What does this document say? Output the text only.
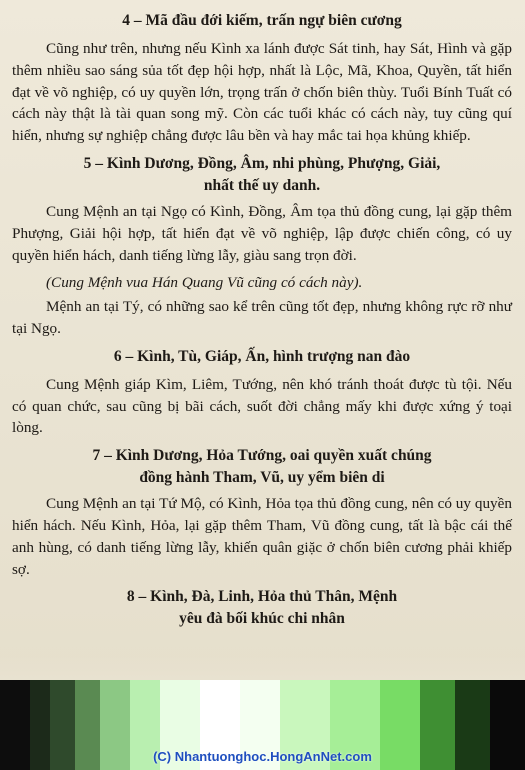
4 – Mã đầu đới kiếm, trấn ngự biên cương

Cũng như trên, nhưng nếu Kình xa lánh được Sát tinh, hay Sát, Hình và gặp thêm nhiều sao sáng sủa tốt đẹp hội hợp, nhất là Lộc, Mã, Khoa, Quyền, tất hiển đạt về võ nghiệp, có uy quyền lớn, trọng trấn ở chốn biên thùy. Tuổi Bính Tuất có cách này thật là tài quan song mỹ. Còn các tuổi khác có cách này, tuy cũng quí hiển, nhưng sự nghiệp chẳng được lâu bền và hay mắc tai họa khủng khiếp.

5 – Kình Dương, Đồng, Âm, nhi phùng, Phượng, Giải,
nhất thế uy danh.

Cung Mệnh an tại Ngọ có Kình, Đồng, Âm tọa thủ đồng cung, lại gặp thêm Phượng, Giải hội hợp, tất hiển đạt về võ nghiệp, lập được chiến công, có uy quyền hiển hách, danh tiếng lừng lẫy, giàu sang trọn đời.

(Cung Mệnh vua Hán Quang Vũ cũng có cách này).

Mệnh an tại Tý, có những sao kể trên cũng tốt đẹp, nhưng không rực rỡ như tại Ngọ.

6 – Kình, Tù, Giáp, Ấn, hình trượng nan đào

Cung Mệnh giáp Kìm, Liêm, Tướng, nên khó tránh thoát được tù tội. Nếu có quan chức, sau cũng bị bãi cách, suốt đời chẳng mấy khi được xứng ý toại lòng.

7 – Kình Dương, Hỏa Tướng, oai quyền xuất chúng
đồng hành Tham, Vũ, uy yểm biên di

Cung Mệnh an tại Tứ Mộ, có Kình, Hỏa tọa thủ đồng cung, nên có uy quyền hiển hách. Nếu Kình, Hỏa, lại gặp thêm Tham, Vũ đồng cung, tất là bậc cái thế anh hùng, có danh tiếng lừng lẫy, khiến quân giặc ở chốn biên cương phải khiếp sợ.

8 – Kình, Đà, Linh, Hỏa thủ Thân, Mệnh
yêu đà bối khúc chi nhân
(C) Nhantuonghoc.HongAnNet.com
